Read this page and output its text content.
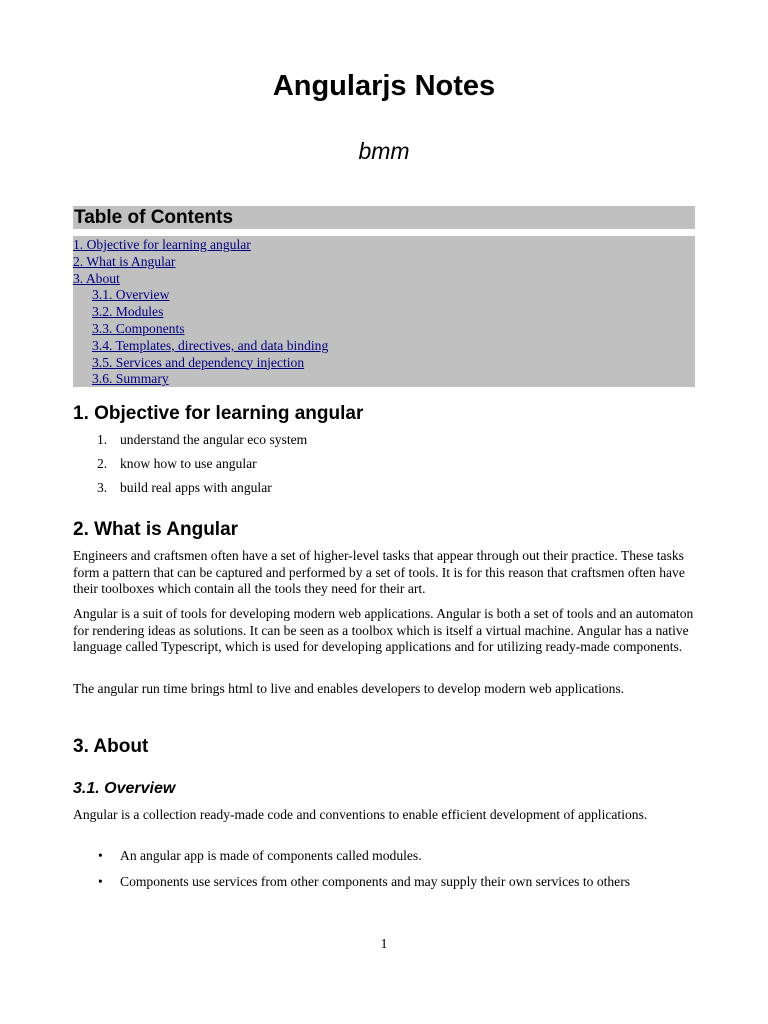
Angularjs Notes
bmm
Table of Contents
1. Objective for learning angular
2. What is Angular
3. About
3.1. Overview
3.2. Modules
3.3. Components
3.4. Templates, directives, and data binding
3.5. Services and dependency injection
3.6. Summary
1. Objective for learning angular
1. understand the angular eco system
2. know how to use angular
3. build real apps with angular
2. What is Angular

Engineers and craftsmen often have a set of higher-level tasks that appear through out their practice. These tasks form a pattern that can be captured and performed by a set of tools. It is for this reason that craftsmen often have their toolboxes which contain all the tools they need for their art.

Angular is a suit of tools for developing modern web applications. Angular is both a set of tools and an automaton for rendering ideas as solutions. It can be seen as a toolbox which is itself a virtual machine. Angular has a native language called Typescript, which is used for developing applications and for utilizing ready-made components.

The angular run time brings html to live and enables developers to develop modern web applications.

3. About
3.1. Overview

Angular is a collection ready-made code and conventions to enable efficient development of applications.

• An angular app is made of components called modules.
• Components use services from other components and may supply their own services to others
1
